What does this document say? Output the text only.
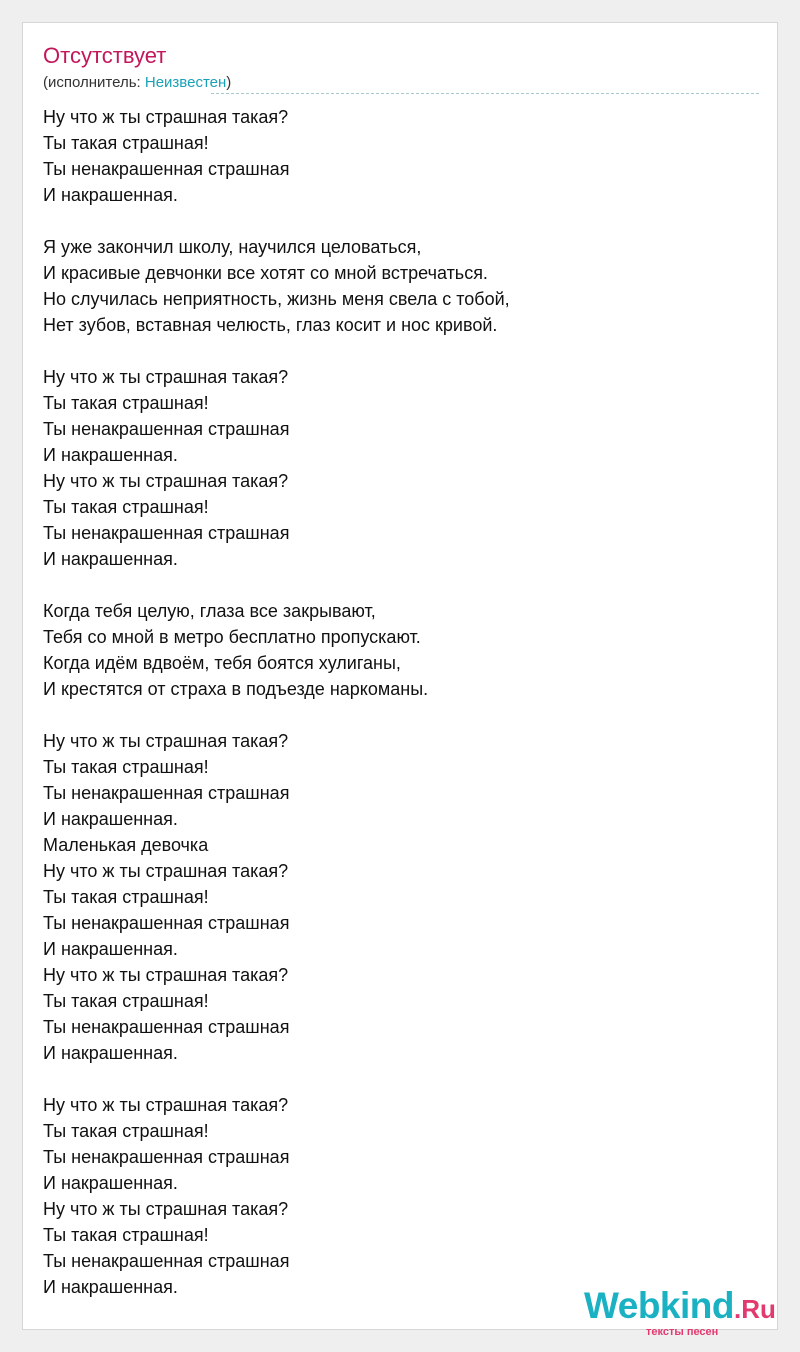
Отсутствует
(исполнитель: Неизвестен)
Ну что ж ты страшная такая?
Ты такая страшная!
Ты ненакрашенная страшная
И накрашенная.
Я уже закончил школу, научился целоваться,
И красивые девчонки все хотят со мной встречаться.
Но случилась неприятность, жизнь меня свела с тобой,
Нет зубов, вставная челюсть, глаз косит и нос кривой.
Ну что ж ты страшная такая?
Ты такая страшная!
Ты ненакрашенная страшная
И накрашенная.
Ну что ж ты страшная такая?
Ты такая страшная!
Ты ненакрашенная страшная
И накрашенная.
Когда тебя целую, глаза все закрывают,
Тебя со мной в метро бесплатно пропускают.
Когда идём вдвоём, тебя боятся хулиганы,
И крестятся от страха в подъезде наркоманы.
Ну что ж ты страшная такая?
Ты такая страшная!
Ты ненакрашенная страшная
И накрашенная.
Маленькая девочка
Ну что ж ты страшная такая?
Ты такая страшная!
Ты ненакрашенная страшная
И накрашенная.
Ну что ж ты страшная такая?
Ты такая страшная!
Ты ненакрашенная страшная
И накрашенная.
Ну что ж ты страшная такая?
Ты такая страшная!
Ты ненакрашенная страшная
И накрашенная.
Ну что ж ты страшная такая?
Ты такая страшная!
Ты ненакрашенная страшная
И накрашенная.	Webkind.Ru
тексты песен
